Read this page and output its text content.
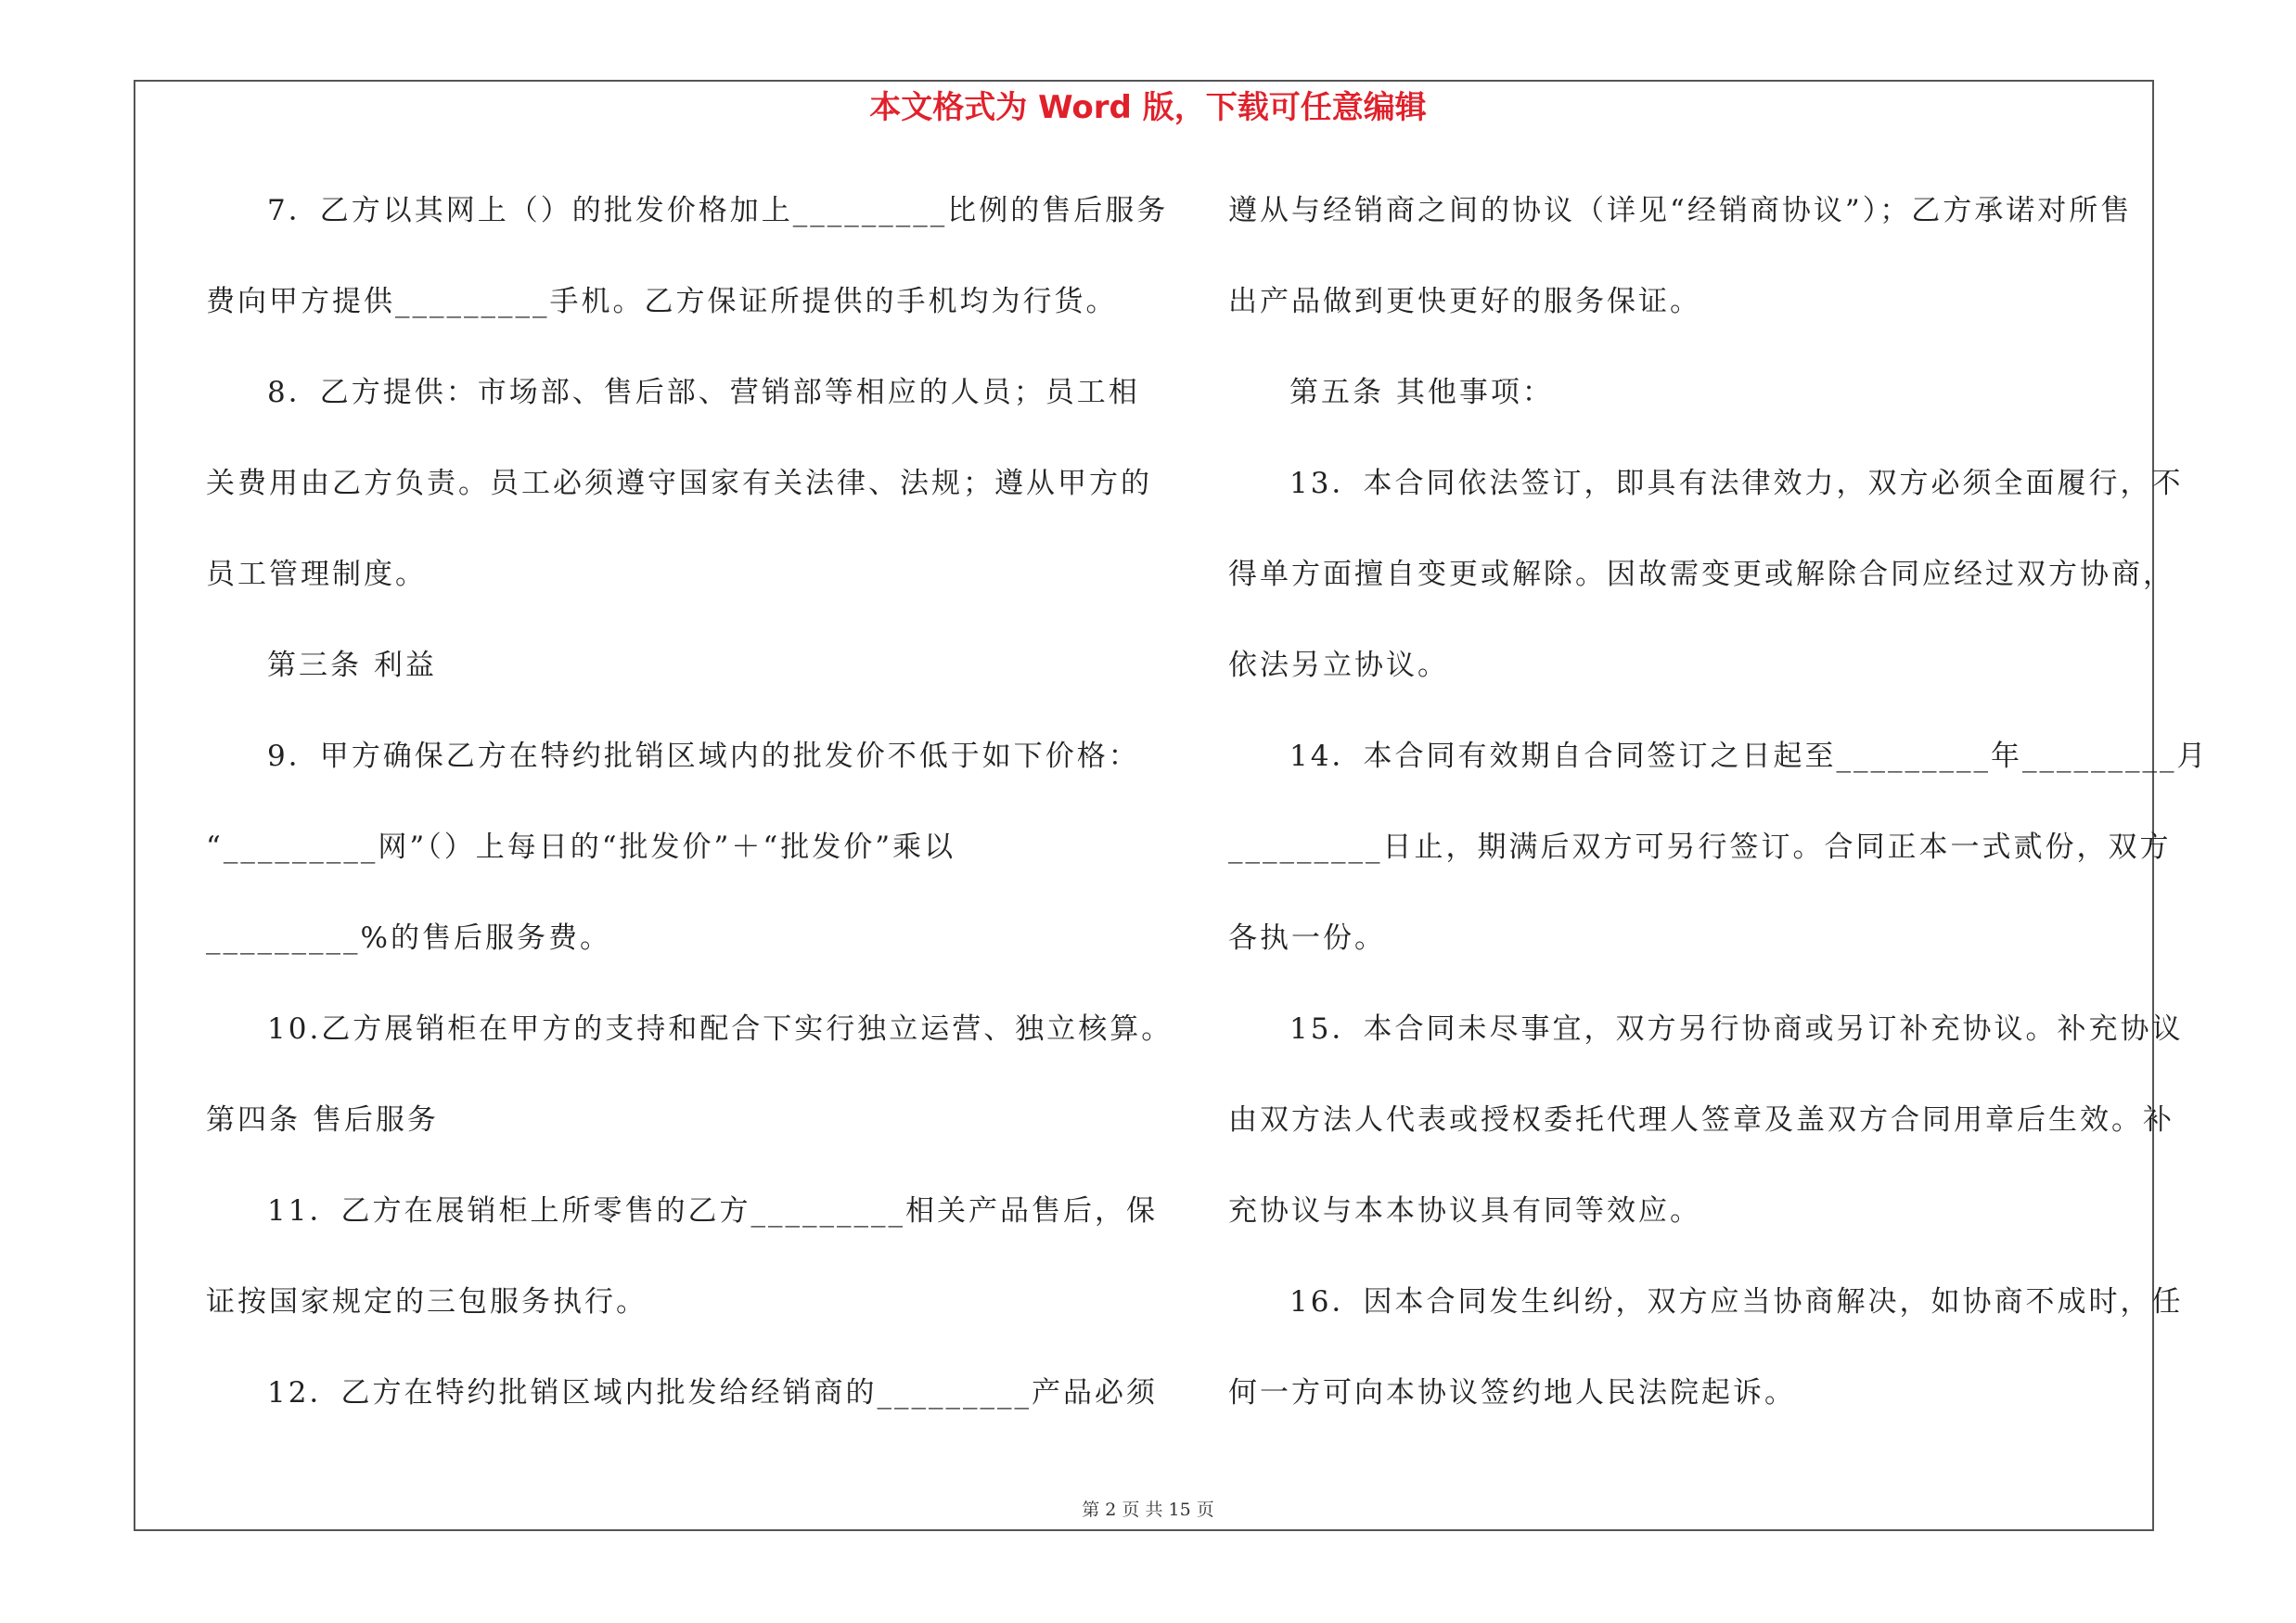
本文格式为 Word 版，下载可任意编辑
7．乙方以其网上（）的批发价格加上_________比例的售后服务
费向甲方提供_________手机。乙方保证所提供的手机均为行货。
8．乙方提供：市场部、售后部、营销部等相应的人员；员工相
关费用由乙方负责。员工必须遵守国家有关法律、法规；遵从甲方的
员工管理制度。
第三条 利益
9．甲方确保乙方在特约批销区域内的批发价不低于如下价格：
“_________网”（）上每日的“批发价”＋“批发价”乘以
_________%的售后服务费。
10.乙方展销柜在甲方的支持和配合下实行独立运营、独立核算。
第四条 售后服务
11．乙方在展销柜上所零售的乙方_________相关产品售后，保
证按国家规定的三包服务执行。
12．乙方在特约批销区域内批发给经销商的_________产品必须
遵从与经销商之间的协议（详见“经销商协议”）；乙方承诺对所售
出产品做到更快更好的服务保证。
第五条 其他事项：
13．本合同依法签订，即具有法律效力，双方必须全面履行，不
得单方面擅自变更或解除。因故需变更或解除合同应经过双方协商，
依法另立协议。
14．本合同有效期自合同签订之日起至_________年_________月
_________日止，期满后双方可另行签订。合同正本一式贰份，双方
各执一份。
15．本合同未尽事宜，双方另行协商或另订补充协议。补充协议
由双方法人代表或授权委托代理人签章及盖双方合同用章后生效。补
充协议与本本协议具有同等效应。
16．因本合同发生纠纷，双方应当协商解决，如协商不成时，任
何一方可向本协议签约地人民法院起诉。
第 2 页 共 15 页
